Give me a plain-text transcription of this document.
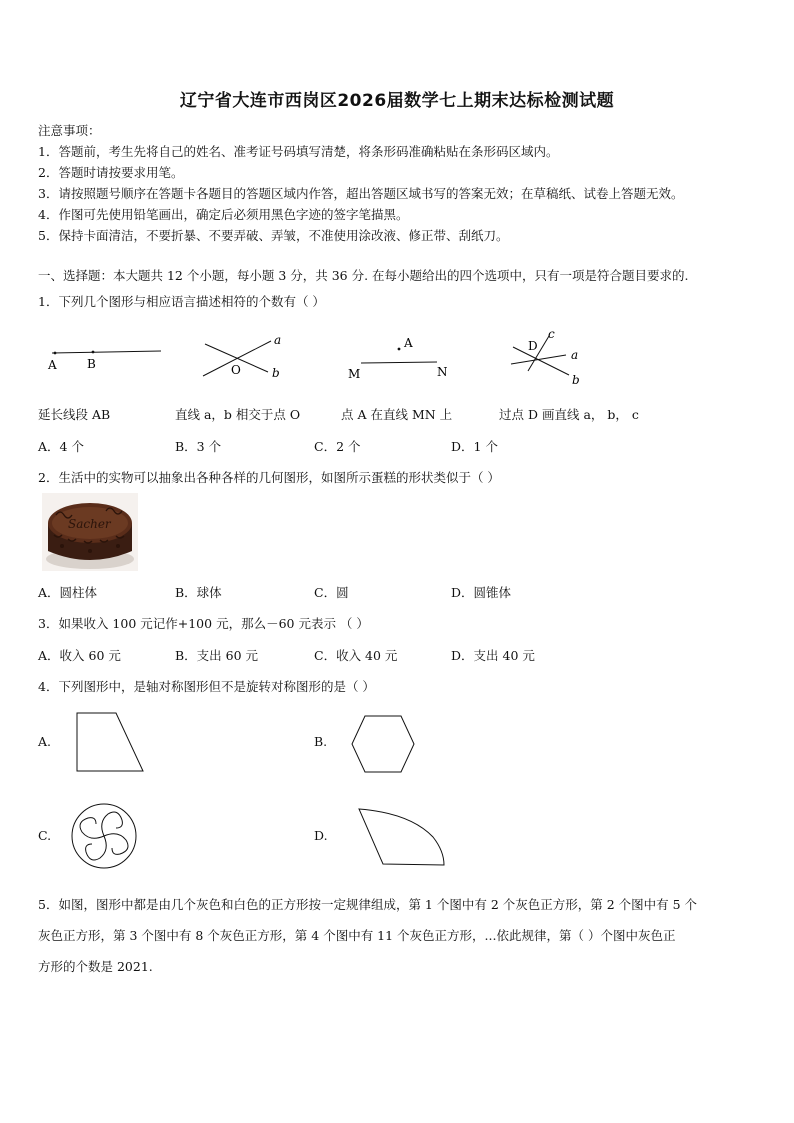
辽宁省大连市西岗区2026届数学七上期末达标检测试题
注意事项：
1．答题前，考生先将自己的姓名、准考证号码填写清楚，将条形码准确粘贴在条形码区域内。
2．答题时请按要求用笔。
3．请按照题号顺序在答题卡各题目的答题区域内作答，超出答题区域书写的答案无效；在草稿纸、试卷上答题无效。
4．作图可先使用铅笔画出，确定后必须用黑色字迹的签字笔描黑。
5．保持卡面清洁，不要折暴、不要弄破、弄皱，不准使用涂改液、修正带、刮纸刀。
一、选择题：本大题共 12 个小题，每小题 3 分，共 36 分. 在每小题给出的四个选项中，只有一项是符合题目要求的.
1．下列几个图形与相应语言描述相符的个数有（ ）
A	B	O
a
b
A
M	N
D
c
a
b
延长线段 AB	直线 a，b 相交于点 O	点 A 在直线 MN 上	过点 D 画直线 a， b， c
A．4 个	B．3 个	C．2 个	D．1 个
2．生活中的实物可以抽象出各种各样的几何图形，如图所示蛋糕的形状类似于（ ）
Sacher
A．圆柱体	B．球体	C．圆	D．圆锥体
3．如果收入 100 元记作+100 元，那么－60 元表示 （ ）
A．收入 60 元	B．支出 60 元	C．收入 40 元	D．支出 40 元
4．下列图形中，是轴对称图形但不是旋转对称图形的是（ ）
A.	B.
C.	D.
5．如图，图形中都是由几个灰色和白色的正方形按一定规律组成，第 1 个图中有 2 个灰色正方形，第 2 个图中有 5 个
灰色正方形，第 3 个图中有 8 个灰色正方形，第 4 个图中有 11 个灰色正方形，...依此规律，第（ ）个图中灰色正
方形的个数是 2021.
